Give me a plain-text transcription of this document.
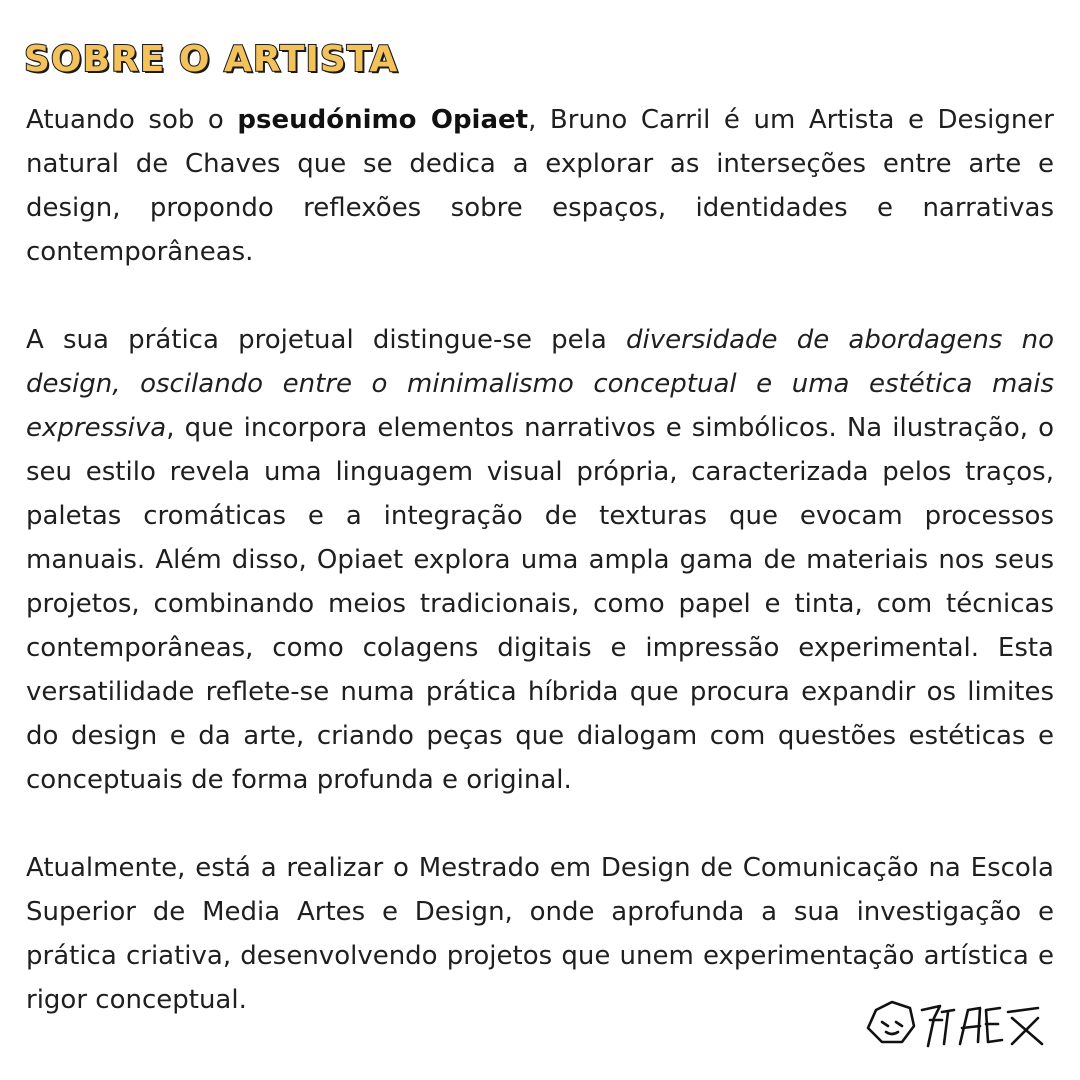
SOBRE O ARTISTA

Atuando sob o pseudónimo Opiaet, Bruno Carril é um Artista e Designer natural de Chaves que se dedica a explorar as interseções entre arte e design, propondo reflexões sobre espaços, identidades e narrativas contemporâneas.

A sua prática projetual distingue-se pela diversidade de abordagens no design, oscilando entre o minimalismo conceptual e uma estética mais expressiva, que incorpora elementos narrativos e simbólicos. Na ilustração, o seu estilo revela uma linguagem visual própria, caracterizada pelos traços, paletas cromáticas e a integração de texturas que evocam processos manuais. Além disso, Opiaet explora uma ampla gama de materiais nos seus projetos, combinando meios tradicionais, como papel e tinta, com técnicas contemporâneas, como colagens digitais e impressão experimental. Esta versatilidade reflete-se numa prática híbrida que procura expandir os limites do design e da arte, criando peças que dialogam com questões estéticas e conceptuais de forma profunda e original.

Atualmente, está a realizar o Mestrado em Design de Comunicação na Escola Superior de Media Artes e Design, onde aprofunda a sua investigação e prática criativa, desenvolvendo projetos que unem experimentação artística e rigor conceptual.
